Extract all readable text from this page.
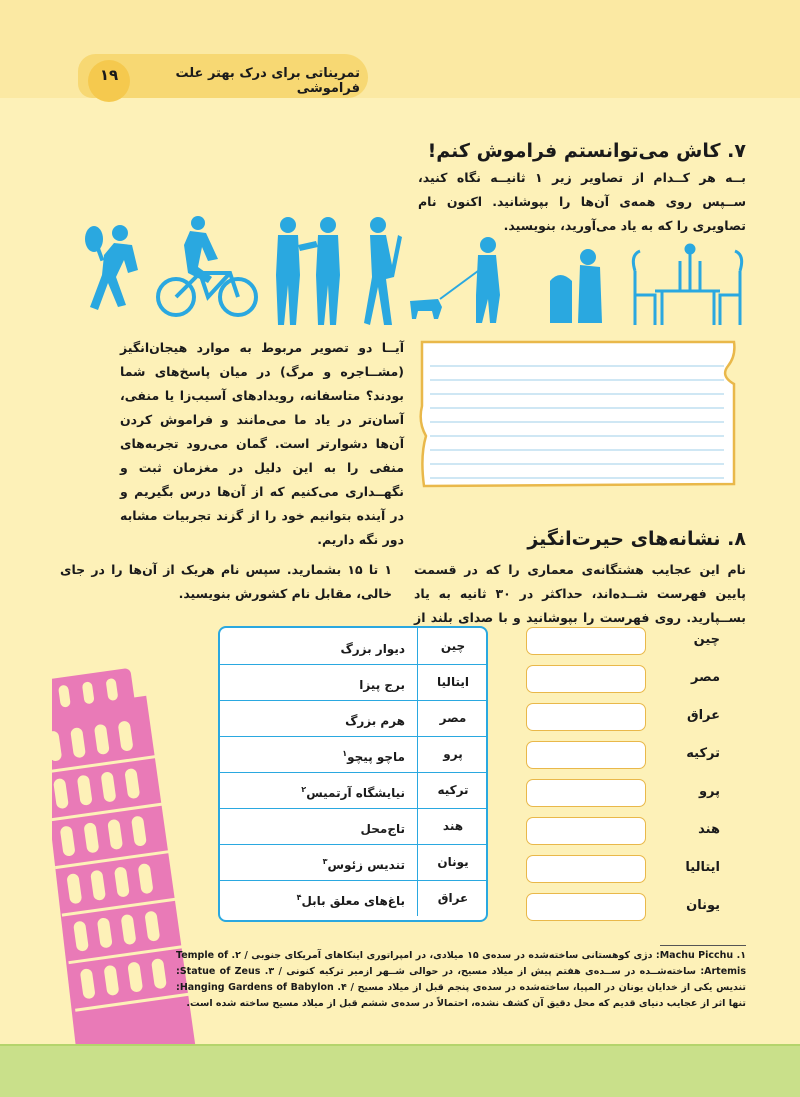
۱۹	تمریناتی برای درک بهتر علت فراموشی
۷. کاش می‌توانستم فراموش کنم!
بــه هر کــدام از تصاویر زیر ۱ ثانیــه نگاه کنید، ســپس روی همه‌ی آن‌ها را بپوشانید. اکنون نام تصاویری را که به یاد می‌آورید، بنویسید.
آیــا دو تصویر مربوط به موارد هیجان‌انگیز (مشــاجره و مرگ) در میان پاسخ‌های شما بودند؟ متاسفانه، رویدادهای آسیب‌زا یا منفی، آسان‌تر در یاد ما می‌مانند و فراموش کردن آن‌ها دشوارتر است. گمان می‌رود تجربه‌های منفی را به این دلیل در مغزمان ثبت و نگهــداری می‌کنیم که از آن‌ها درس بگیریم و در آینده بتوانیم خود را از گزند تجربیات مشابه دور نگه داریم.	۸. نشانه‌های حیرت‌انگیز
نام این عجایب هشتگانه‌ی معماری را که در قسمت پایین فهرست شــده‌اند، حداکثر در ۳۰ ثانیه به یاد بســپارید. روی فهرست را بپوشانید و با صدای بلند از ۱ تا ۱۵ بشمارید. سپس نام هریک از آن‌ها را در جای خالی، مقابل نام کشورش بنویسید.
چین
دیوار بزرگ
ایتالیا
برج پیزا
مصر
هرم بزرگ
پرو
ماچو پیچو$^۱$
ترکیه
نیایشگاه آرتمیس$^۲$
هند
تاج‌محل
یونان
تندیس زئوس$^۳$
عراق
باغ‌های معلق بابل$^۴$
چین
مصر
عراق
ترکیه
پرو
هند
ایتالیا
یونان
۱. Machu Picchu: دژی کوهستانی ساخته‌شده در سده‌ی ۱۵ میلادی، در امپراتوری اینکاهای آمریکای جنوبی / ۲. Temple of Artemis: ساخته‌شــده در ســده‌ی هفتم پیش از میلاد مسیح، در حوالی شــهر ازمیر ترکیه کنونی / ۳. Statue of Zeus: تندیس یکی از خدایان یونان در المپیا، ساخته‌شده در سده‌ی پنجم قبل از میلاد مسیح / ۴. Hanging Gardens of Babylon: تنها اثر از عجایب دنیای قدیم که محل دقیق آن کشف نشده، احتمالاً در سده‌ی ششم قبل از میلاد مسیح ساخته شده است.
